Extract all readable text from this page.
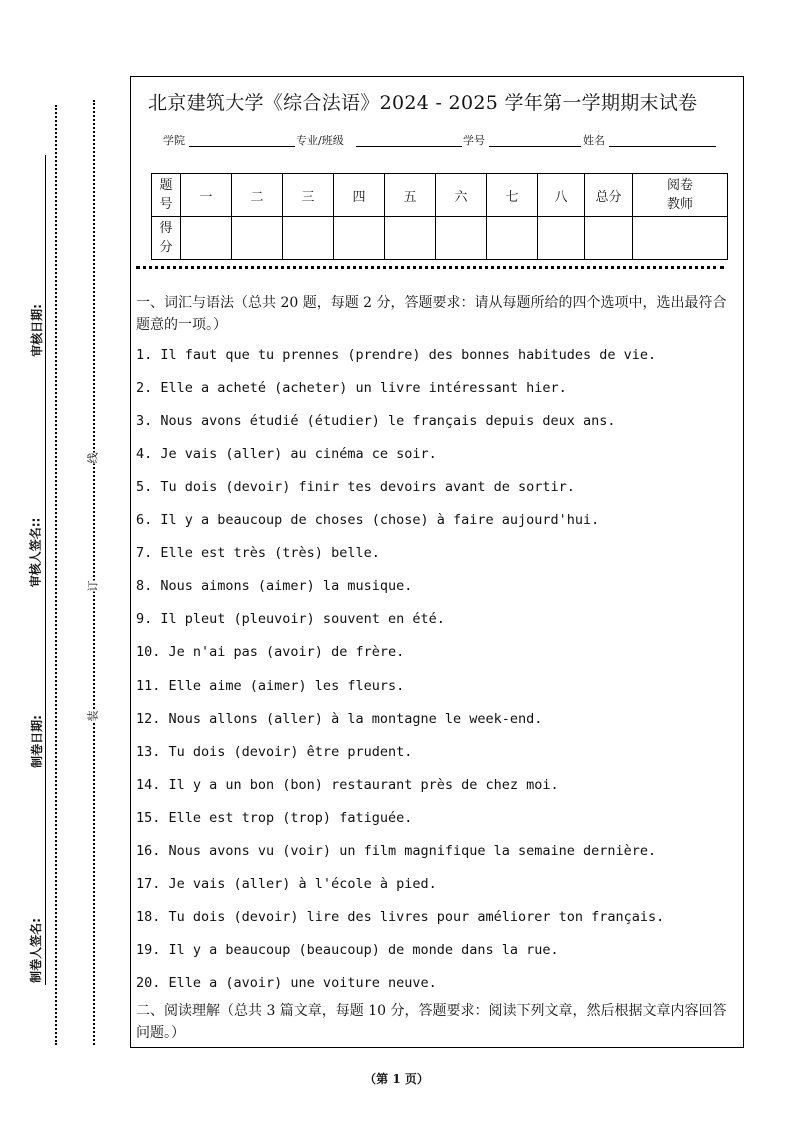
审核日期:
审核人签名::
制卷日期:
制卷人签名:
线
订
装
北京建筑大学《综合法语》2024 - 2025 学年第一学期期末试卷
学院	专业/班级	学号	姓名
题号	一	二	三	四	五	六	七	八	总分	阅卷教师

得分										

一、词汇与语法（总共 20 题，每题 2 分，答题要求：请从每题所给的四个选项中，选出最符合题意的一项。）
1. Il faut que tu prennes (prendre) des bonnes habitudes de vie.
2. Elle a acheté (acheter) un livre intéressant hier.
3. Nous avons étudié (étudier) le français depuis deux ans.
4. Je vais (aller) au cinéma ce soir.
5. Tu dois (devoir) finir tes devoirs avant de sortir.
6. Il y a beaucoup de choses (chose) à faire aujourd'hui.
7. Elle est très (très) belle.
8. Nous aimons (aimer) la musique.
9. Il pleut (pleuvoir) souvent en été.
10. Je n'ai pas (avoir) de frère.
11. Elle aime (aimer) les fleurs.
12. Nous allons (aller) à la montagne le week-end.
13. Tu dois (devoir) être prudent.
14. Il y a un bon (bon) restaurant près de chez moi.
15. Elle est trop (trop) fatiguée.
16. Nous avons vu (voir) un film magnifique la semaine dernière.
17. Je vais (aller) à l'école à pied.
18. Tu dois (devoir) lire des livres pour améliorer ton français.
19. Il y a beaucoup (beaucoup) de monde dans la rue.
20. Elle a (avoir) une voiture neuve.
二、阅读理解（总共 3 篇文章，每题 10 分，答题要求：阅读下列文章，然后根据文章内容回答问题。）
（第 1 页）
